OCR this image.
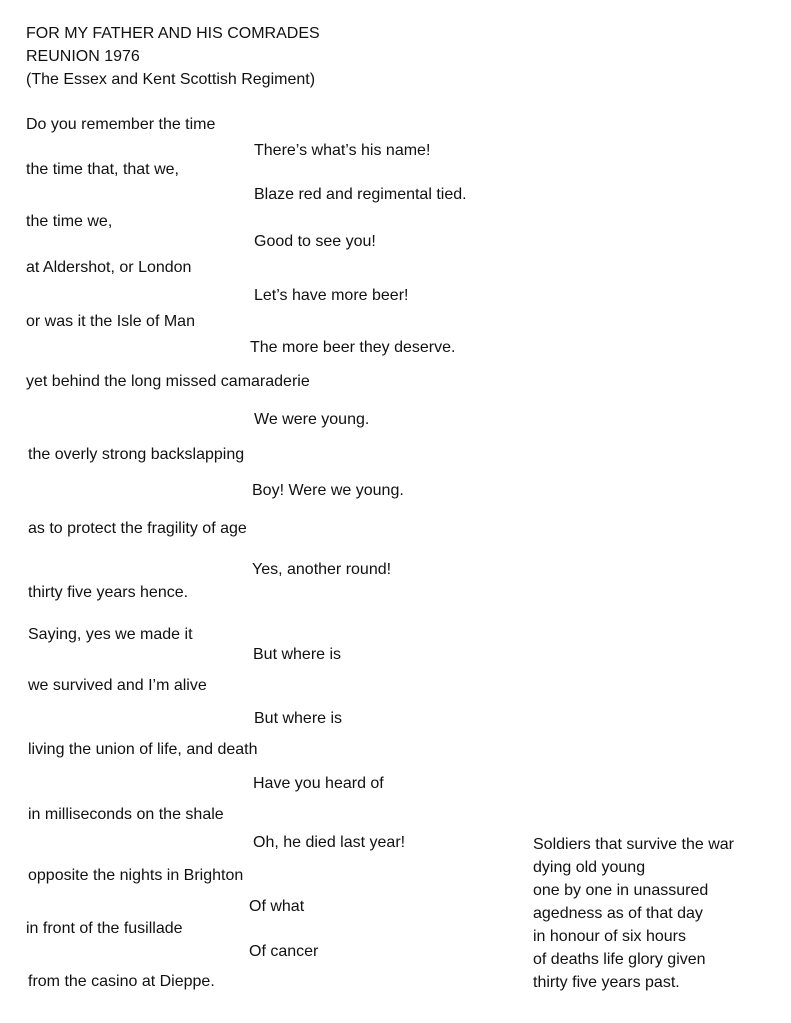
FOR MY FATHER AND HIS COMRADES
REUNION 1976
(The Essex and Kent Scottish Regiment)
Do you remember the time
the time that, that we,
the time we,
at Aldershot, or London
or was it the Isle of Man
yet behind the long missed camaraderie
the overly strong backslapping
as to protect the fragility of age
thirty five years hence.
Saying, yes we made it
we survived and I’m alive
living the union of life, and death
in milliseconds on the shale
opposite the nights in Brighton
in front of the fusillade
from the casino at Dieppe.
There’s what’s his name!
Blaze red and regimental tied.
Good to see you!
Let’s have more beer!
The more beer they deserve.
We were young.
Boy! Were we young.
Yes, another round!
But where is
But where is
Have you heard of
Oh, he died last year!
Of what
Of cancer
Soldiers that survive the war
dying old young
one by one in unassured
agedness as of that day
in honour of six hours
of deaths life glory given
thirty five years past.
